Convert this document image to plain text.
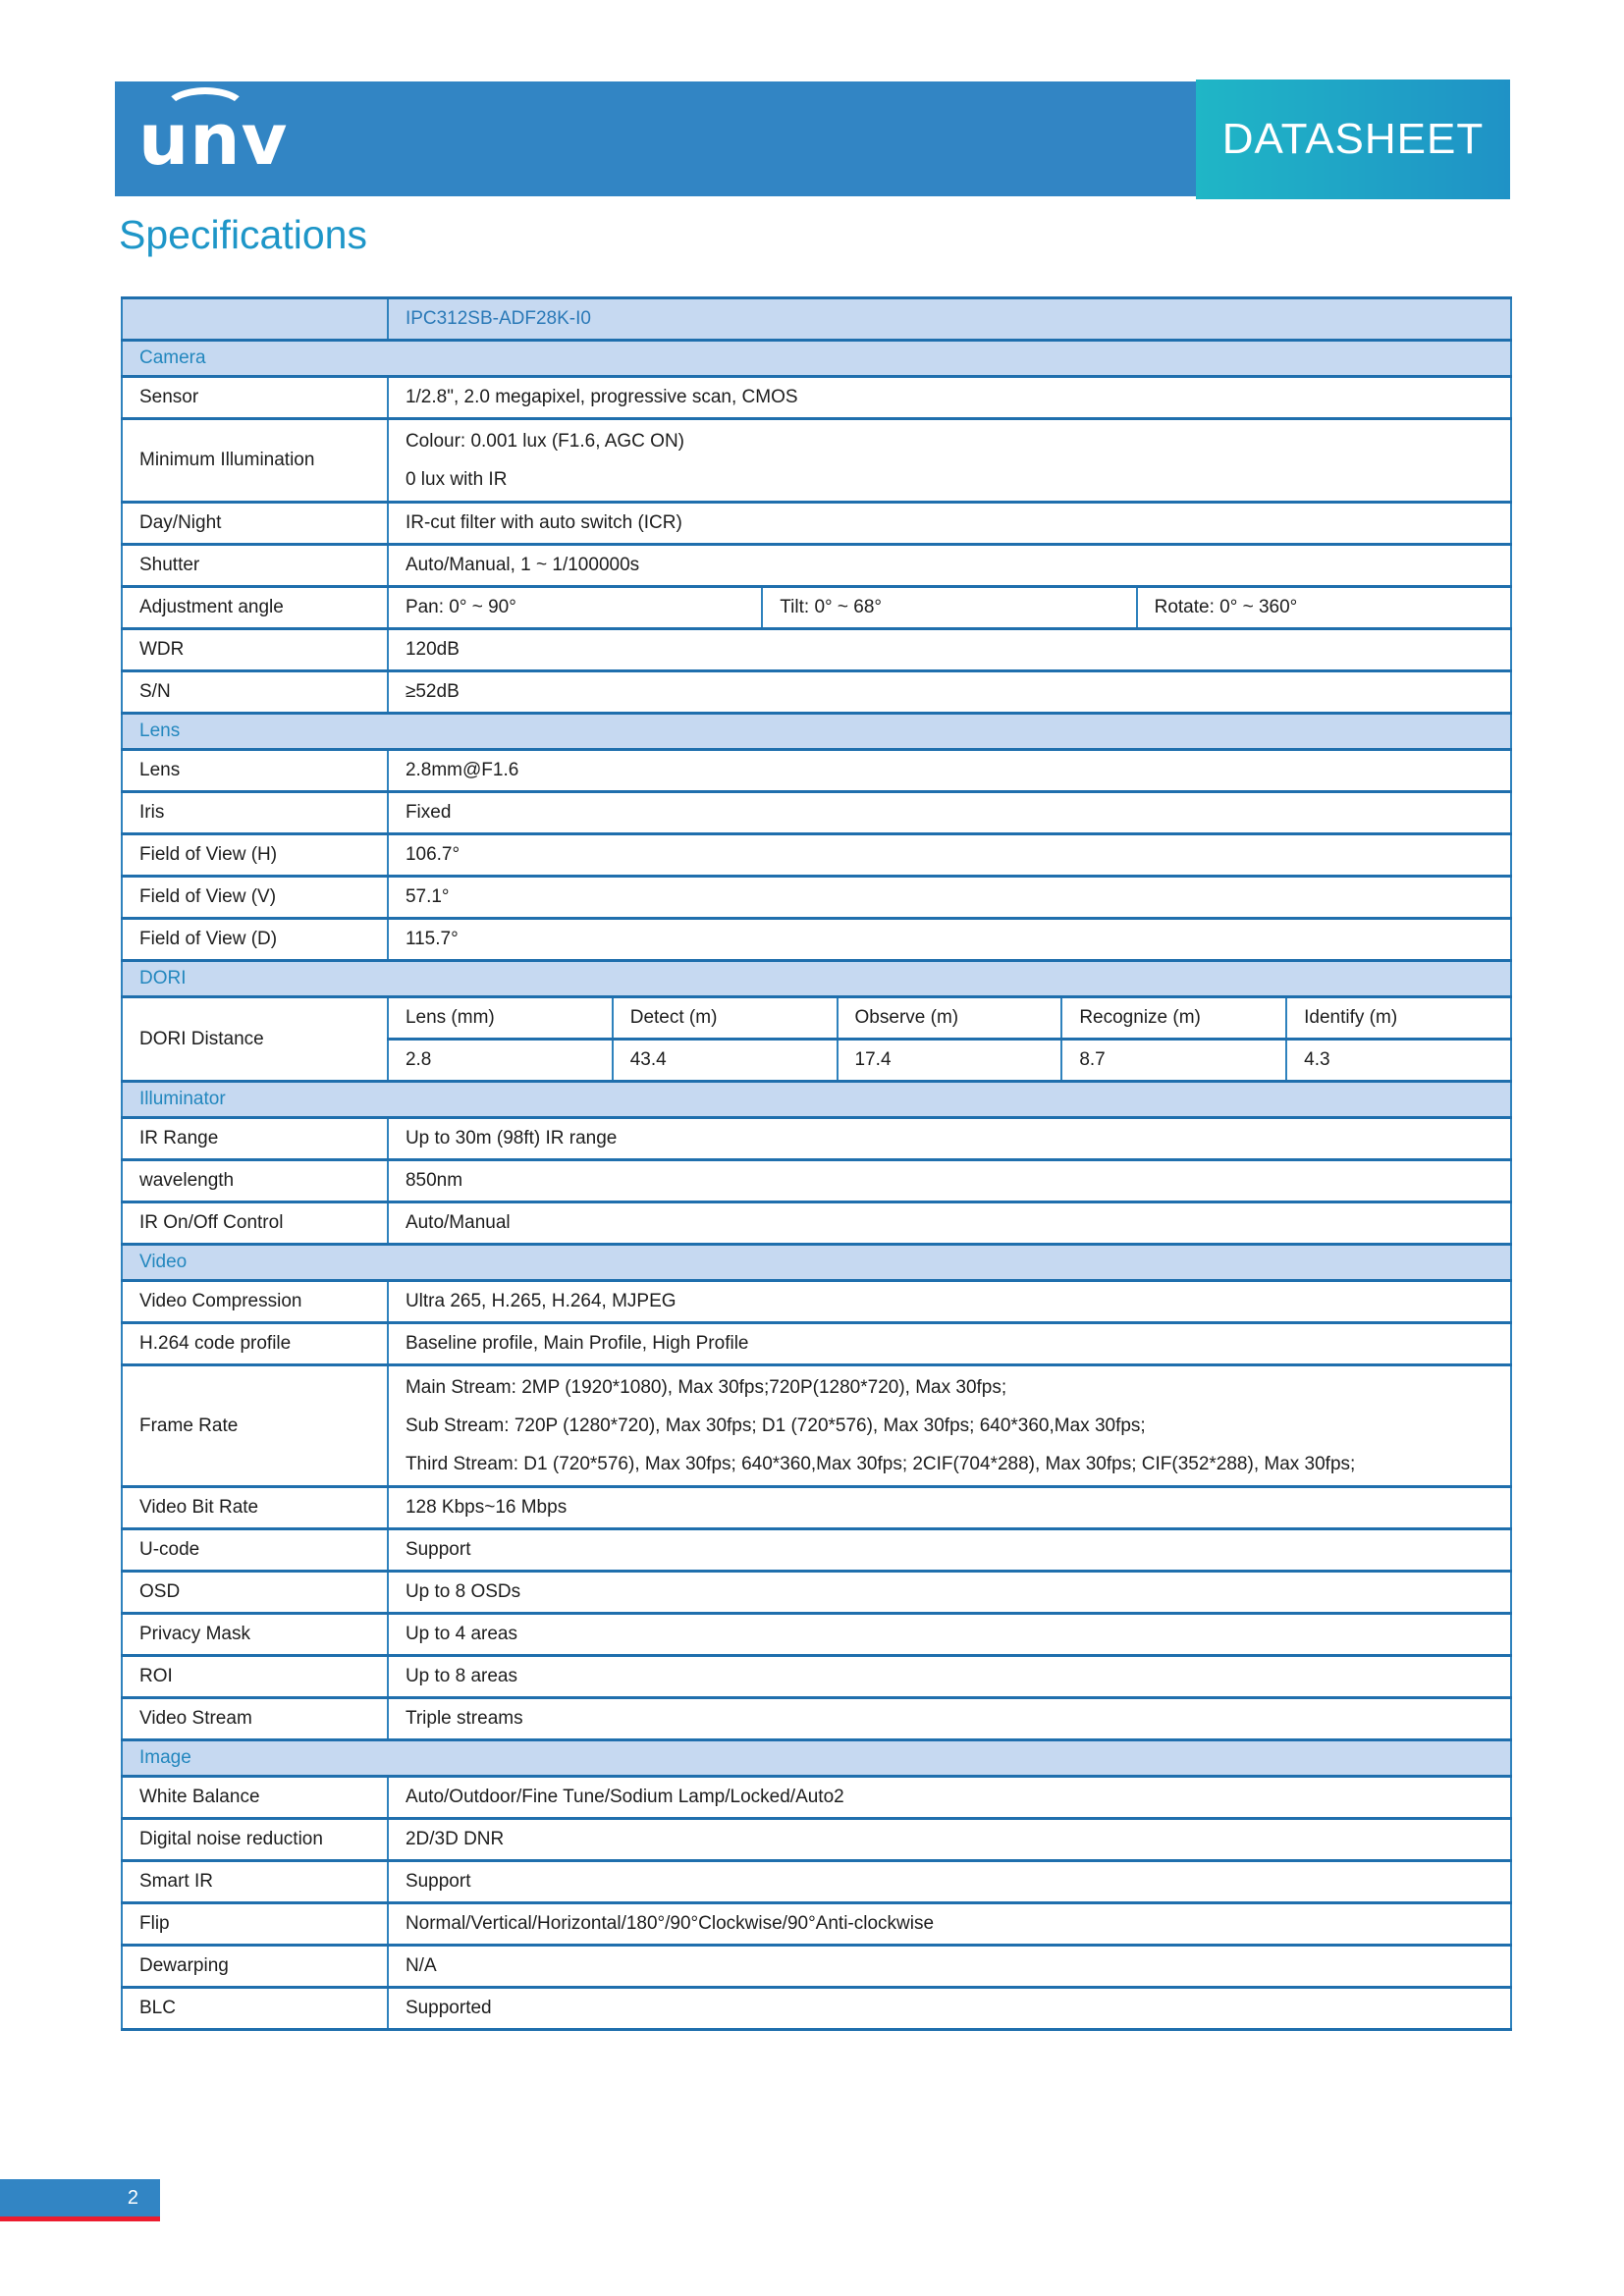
unv	DATASHEET
Specifications
	IPC312SB-ADF28K-I0						
Camera							
Sensor	1/2.8", 2.0 megapixel, progressive scan, CMOS						
Minimum Illumination	Colour: 0.001 lux (F1.6, AGC ON)
0 lux with IR						

Day/Night	IR-cut filter with auto switch (ICR)						
Shutter	Auto/Manual, 1 ~ 1/100000s						
Adjustment angle	Pan: 0° ~ 90°		Tilt: 0° ~ 68°			Rotate: 0° ~ 360°	
WDR	120dB						
S/N	≥52dB						
Lens							
Lens	2.8mm@F1.6						
Iris	Fixed						
Field of View (H)	106.7°						
Field of View (V)	57.1°						
Field of View (D)	115.7°						
DORI							
DORI Distance	Lens (mm)	Detect (m)		Observe (m)	Recognize (m)		Identify (m)
	2.8	43.4		17.4	8.7		4.3
Illuminator							
IR Range	Up to 30m (98ft) IR range						
wavelength	850nm						
IR On/Off Control	Auto/Manual						
Video							
Video Compression	Ultra 265, H.265, H.264, MJPEG						
H.264 code profile	Baseline profile, Main Profile, High Profile						
Frame Rate	Main Stream: 2MP (1920*1080), Max 30fps;720P(1280*720), Max 30fps;
Sub Stream: 720P (1280*720), Max 30fps; D1 (720*576), Max 30fps; 640*360,Max 30fps;
Third Stream: D1 (720*576), Max 30fps; 640*360,Max 30fps; 2CIF(704*288), Max 30fps; CIF(352*288), Max 30fps;						

Video Bit Rate	128 Kbps~16 Mbps						
U-code	Support						
OSD	Up to 8 OSDs						
Privacy Mask	Up to 4 areas						
ROI	Up to 8 areas						
Video Stream	Triple streams						
Image							
White Balance	Auto/Outdoor/Fine Tune/Sodium Lamp/Locked/Auto2						
Digital noise reduction	2D/3D DNR						
Smart IR	Support						
Flip	Normal/Vertical/Horizontal/180°/90°Clockwise/90°Anti-clockwise						
Dewarping	N/A						
BLC	Supported						
2
